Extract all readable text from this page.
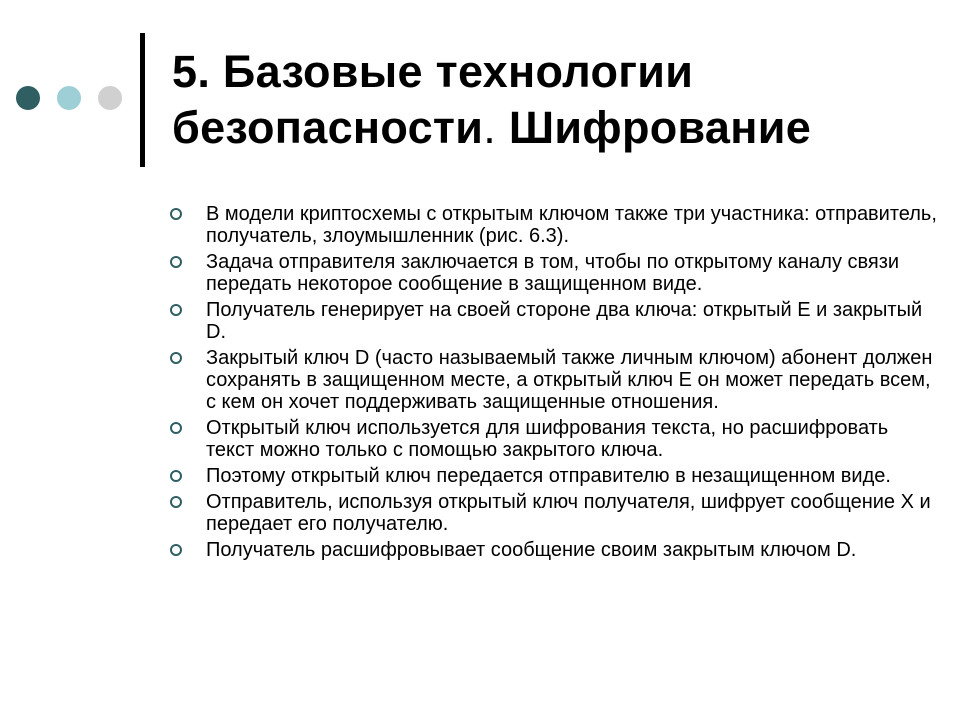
5. Базовые технологии
безопасности. Шифрование
В модели криптосхемы с открытым ключом также три участника: отправитель, получатель, злоумышленник (рис. 6.3).
Задача отправителя заключается в том, чтобы по открытому каналу связи передать некоторое сообщение в защищенном виде.
Получатель генерирует на своей стороне два ключа: открытый E и закрытый D.
Закрытый ключ D (часто называемый также личным ключом) абонент должен сохранять в защищенном месте, а открытый ключ E он может передать всем, с кем он хочет поддерживать защищенные отношения.
Открытый ключ используется для шифрования текста, но расшифровать текст можно только с помощью закрытого ключа.
Поэтому открытый ключ передается отправителю в незащищенном виде.
Отправитель, используя открытый ключ получателя, шифрует сообщение X и передает его получателю.
Получатель расшифровывает сообщение своим закрытым ключом D.
